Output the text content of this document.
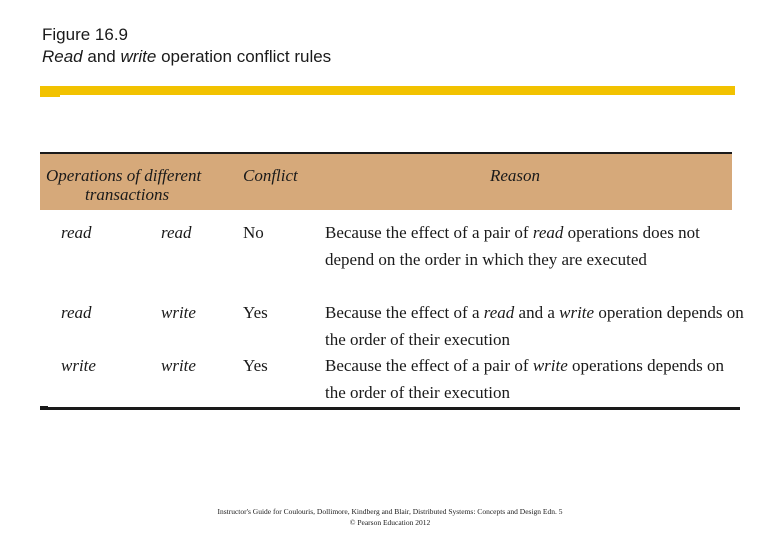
Figure 16.9
Read and write operation conflict rules
Operations of different
transactions
Conflict	Reason
read	read	No	Because the effect of a pair of read operations does not depend on the order in which they are executed
read	write	Yes	Because the effect of a read and a write operation depends on the order of their execution
write	write	Yes	Because the effect of a pair of write operations depends on the order of their execution
Instructor's Guide for Coulouris, Dollimore, Kindberg and Blair, Distributed Systems: Concepts and Design Edn. 5
© Pearson Education 2012
